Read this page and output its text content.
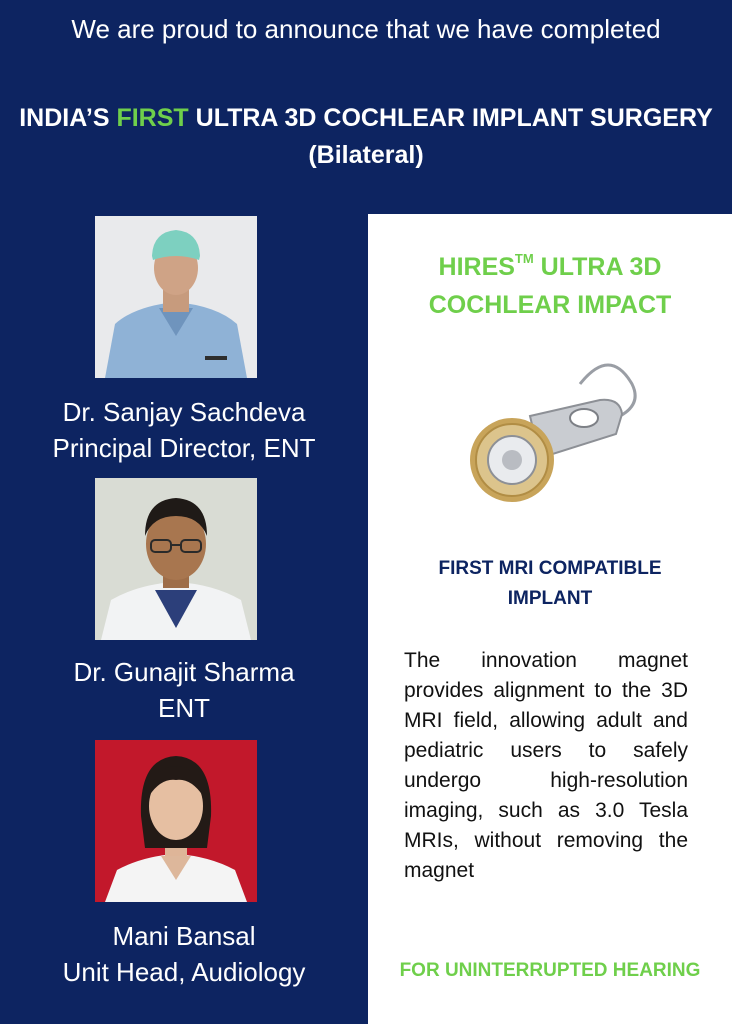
We are proud to announce that we have completed
INDIA’S FIRST ULTRA 3D COCHLEAR IMPLANT SURGERY
(Bilateral)
Dr. Sanjay Sachdeva
Principal Director, ENT
Dr. Gunajit Sharma
ENT
Mani Bansal
Unit Head, Audiology
HIRES™ ULTRA 3D
COCHLEAR IMPACT
FIRST MRI COMPATIBLE
IMPLANT
The innovation magnet provides alignment to the 3D MRI field, allowing adult and pediatric users to safely undergo high-resolution imaging, such as 3.0 Tesla MRIs, without removing the magnet
FOR UNINTERRUPTED HEARING
